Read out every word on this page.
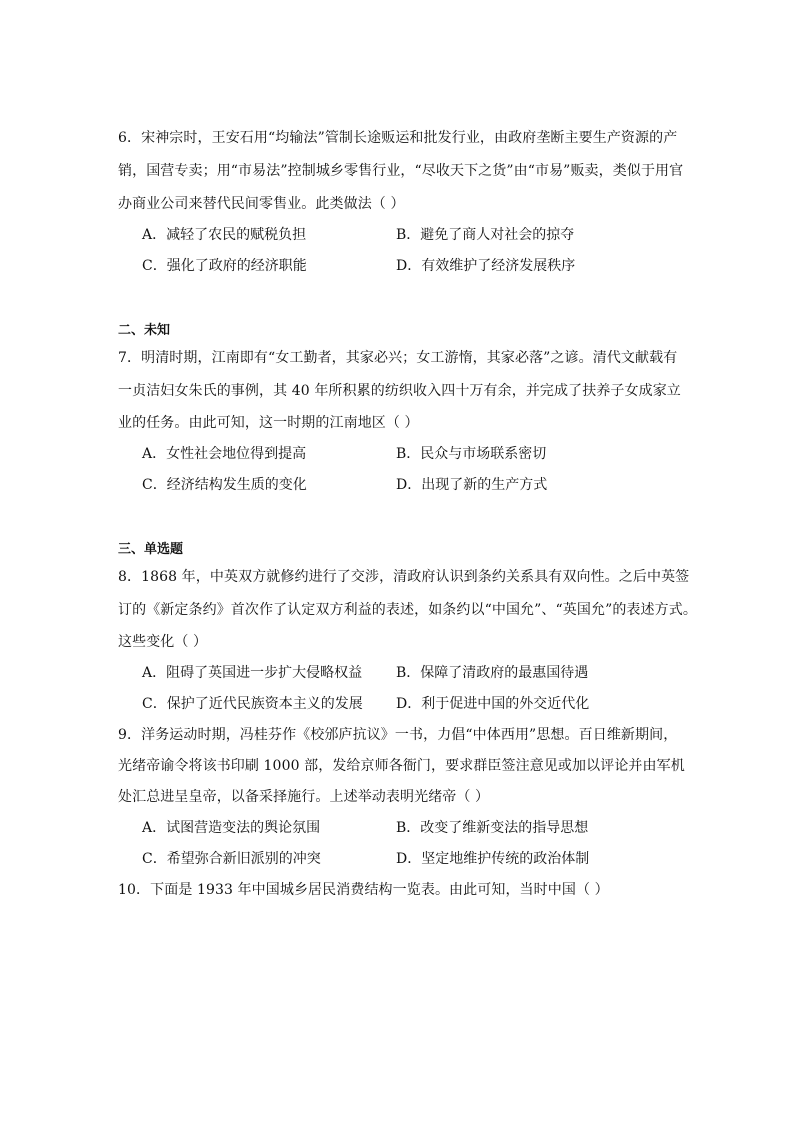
6．宋神宗时，王安石用“均输法”管制长途贩运和批发行业，由政府垄断主要生产资源的产
销，国营专卖；用“市易法”控制城乡零售行业，“尽收天下之货”由“市易”贩卖，类似于用官
办商业公司来替代民间零售业。此类做法（ ）
A．减轻了农民的赋税负担	B．避免了商人对社会的掠夺
C．强化了政府的经济职能	D．有效维护了经济发展秩序
二、未知
7．明清时期，江南即有“女工勤者，其家必兴；女工游惰，其家必落”之谚。清代文献载有
一贞洁妇女朱氏的事例，其 40 年所积累的纺织收入四十万有余，并完成了扶养子女成家立
业的任务。由此可知，这一时期的江南地区（ ）
A．女性社会地位得到提高	B．民众与市场联系密切
C．经济结构发生质的变化	D．出现了新的生产方式
三、单选题
8．1868 年，中英双方就修约进行了交涉，清政府认识到条约关系具有双向性。之后中英签
订的《新定条约》首次作了认定双方利益的表述，如条约以“中国允”、“英国允”的表述方式。
这些变化（ ）
A．阻碍了英国进一步扩大侵略权益 B．保障了清政府的最惠国待遇
C．保护了近代民族资本主义的发展 D．利于促进中国的外交近代化
9．洋务运动时期，冯桂芬作《校邠庐抗议》一书，力倡“中体西用”思想。百日维新期间，
光绪帝谕令将该书印刷 1000 部，发给京师各衙门，要求群臣签注意见或加以评论并由军机
处汇总进呈皇帝，以备采择施行。上述举动表明光绪帝（ ）
A．试图营造变法的舆论氛围	B．改变了维新变法的指导思想
C．希望弥合新旧派别的冲突	D．坚定地维护传统的政治体制
10．下面是 1933 年中国城乡居民消费结构一览表。由此可知，当时中国（ ）
